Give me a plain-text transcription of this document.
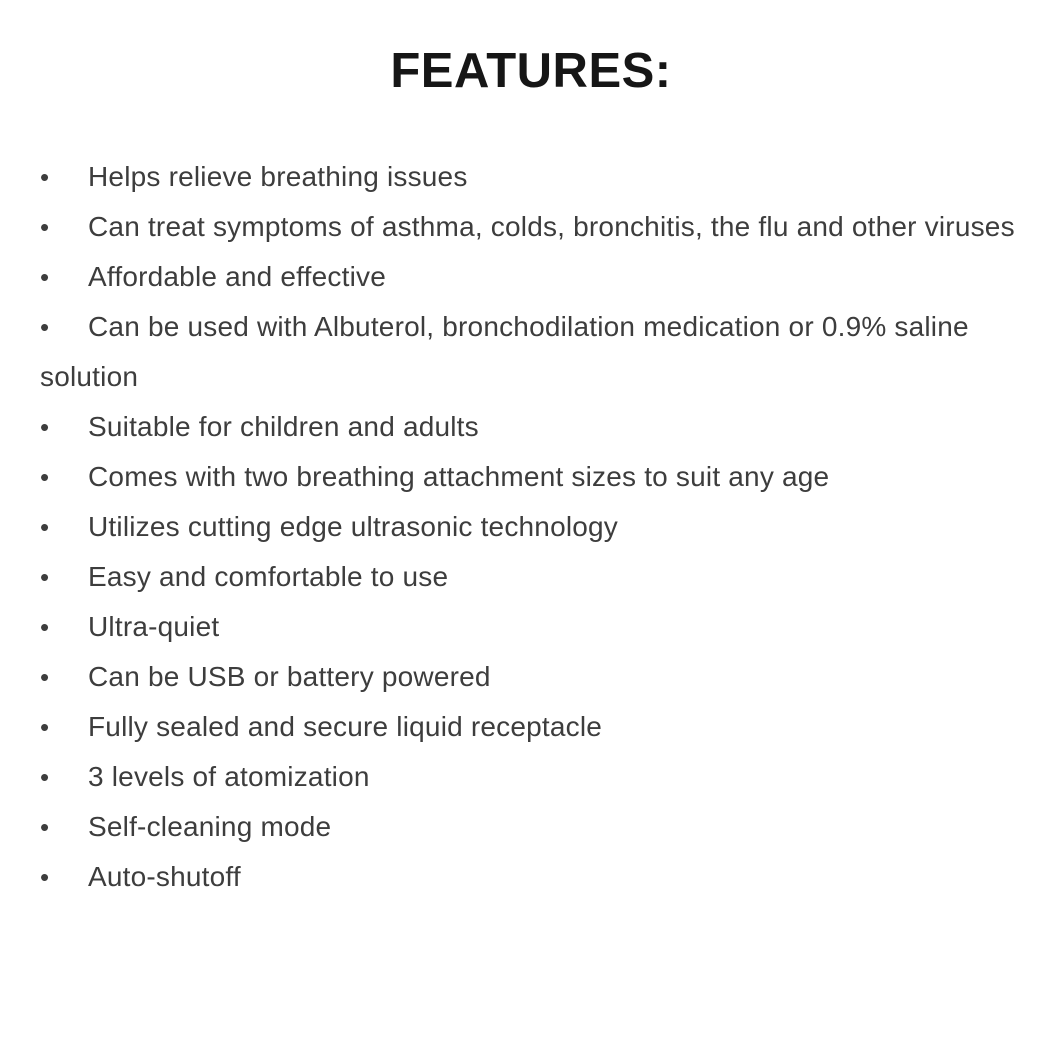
FEATURES:
• Helps relieve breathing issues
• Can treat symptoms of asthma, colds, bronchitis, the flu and other viruses
• Affordable and effective
• Can be used with Albuterol, bronchodilation medication or 0.9% saline solution
• Suitable for children and adults
• Comes with two breathing attachment sizes to suit any age
• Utilizes cutting edge ultrasonic technology
• Easy and comfortable to use
• Ultra-quiet
• Can be USB or battery powered
• Fully sealed and secure liquid receptacle
• 3 levels of atomization
• Self-cleaning mode
• Auto-shutoff
